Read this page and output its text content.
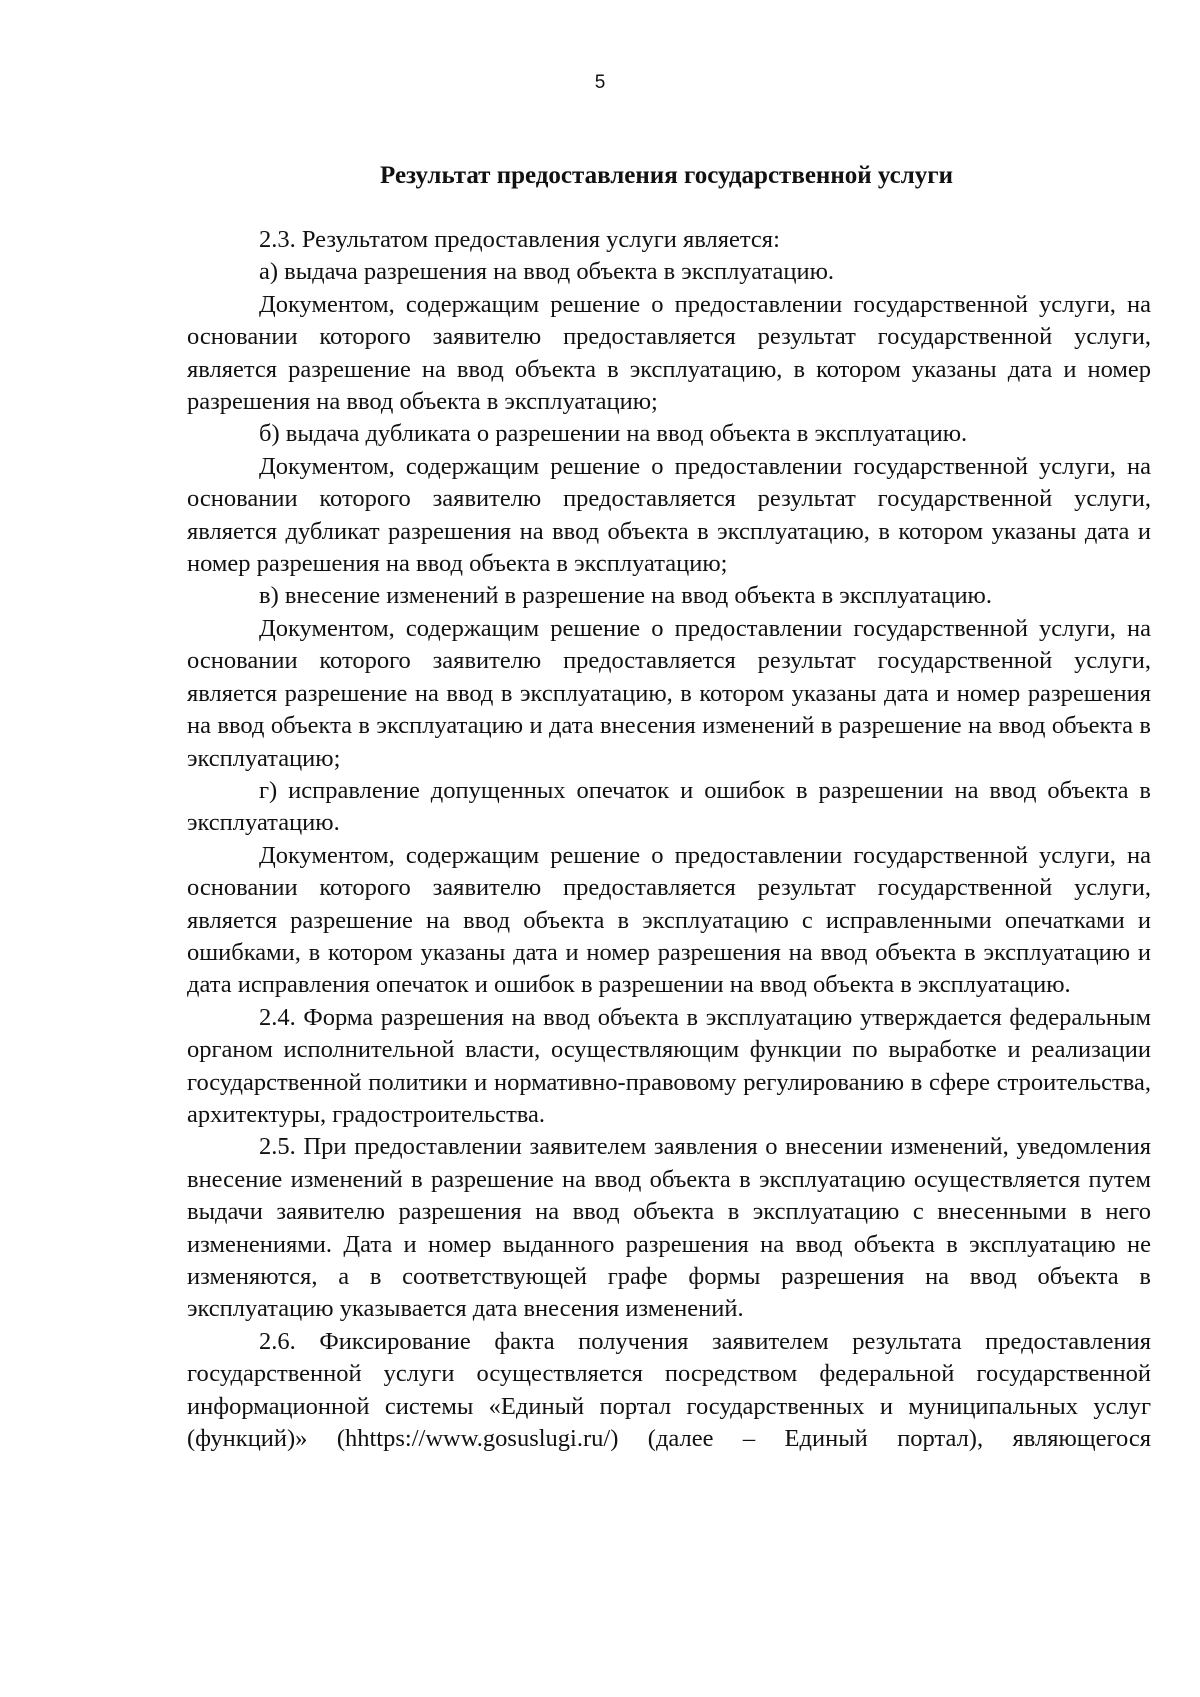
5
Результат предоставления государственной услуги

2.3. Результатом предоставления услуги является:

а) выдача разрешения на ввод объекта в эксплуатацию.

Документом, содержащим решение о предоставлении государственной услуги, на основании которого заявителю предоставляется результат государственной услуги, является разрешение на ввод объекта в эксплуатацию, в котором указаны дата и номер разрешения на ввод объекта в эксплуатацию;

б) выдача дубликата о разрешении на ввод объекта в эксплуатацию.

Документом, содержащим решение о предоставлении государственной услуги, на основании которого заявителю предоставляется результат государственной услуги, является дубликат разрешения на ввод объекта в эксплуатацию, в котором указаны дата и номер разрешения на ввод объекта в эксплуатацию;

в) внесение изменений в разрешение на ввод объекта в эксплуатацию.

Документом, содержащим решение о предоставлении государственной услуги, на основании которого заявителю предоставляется результат государственной услуги, является разрешение на ввод в эксплуатацию, в котором указаны дата и номер разрешения на ввод объекта в эксплуатацию и дата внесения изменений в разрешение на ввод объекта в эксплуатацию;

г) исправление допущенных опечаток и ошибок в разрешении на ввод объекта в эксплуатацию.

Документом, содержащим решение о предоставлении государственной услуги, на основании которого заявителю предоставляется результат государственной услуги, является разрешение на ввод объекта в эксплуатацию с исправленными опечатками и ошибками, в котором указаны дата и номер разрешения на ввод объекта в эксплуатацию и дата исправления опечаток и ошибок в разрешении на ввод объекта в эксплуатацию.

2.4. Форма разрешения на ввод объекта в эксплуатацию утверждается федеральным органом исполнительной власти, осуществляющим функции по выработке и реализации государственной политики и нормативно-правовому регулированию в сфере строительства, архитектуры, градостроительства.

2.5. При предоставлении заявителем заявления о внесении изменений, уведомления внесение изменений в разрешение на ввод объекта в эксплуатацию осуществляется путем выдачи заявителю разрешения на ввод объекта в эксплуатацию с внесенными в него изменениями. Дата и номер выданного разрешения на ввод объекта в эксплуатацию не изменяются, а в соответствующей графе формы разрешения на ввод объекта в эксплуатацию указывается дата внесения изменений.

2.6. Фиксирование факта получения заявителем результата предоставления государственной услуги осуществляется посредством федеральной государственной информационной системы «Единый портал государственных и муниципальных услуг (функций)» (hhttps://www.gosuslugi.ru/) (далее – Единый портал), являющегося
